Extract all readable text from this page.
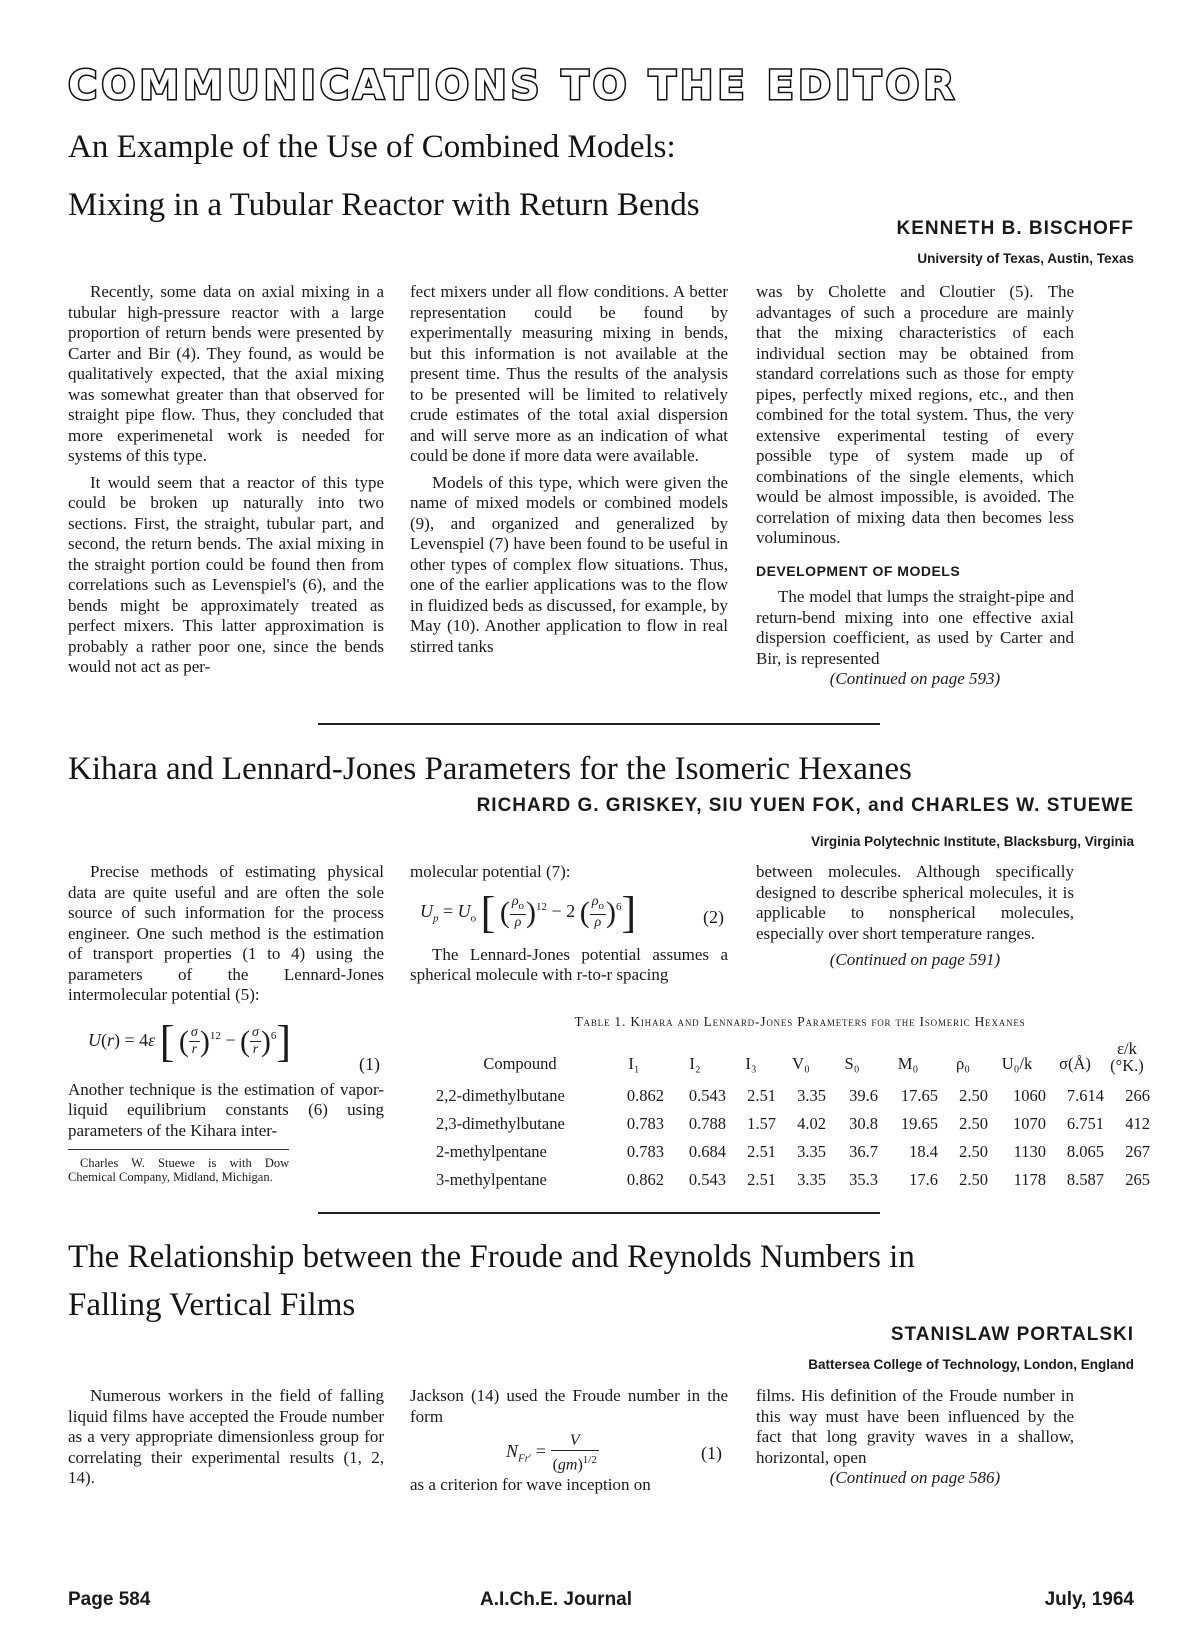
COMMUNICATIONS TO THE EDITOR
An Example of the Use of Combined Models:
Mixing in a Tubular Reactor with Return Bends
KENNETH B. BISCHOFF
University of Texas, Austin, Texas

Recently, some data on axial mixing in a tubular high-pressure reactor with a large proportion of return bends were presented by Carter and Bir (4). They found, as would be qualitatively expected, that the axial mixing was somewhat greater than that observed for straight pipe flow. Thus, they concluded that more experimenetal work is needed for systems of this type.

It would seem that a reactor of this type could be broken up naturally into two sections. First, the straight, tubular part, and second, the return bends. The axial mixing in the straight portion could be found then from correlations such as Levenspiel's (6), and the bends might be approximately treated as perfect mixers. This latter approximation is probably a rather poor one, since the bends would not act as per-

fect mixers under all flow conditions. A better representation could be found by experimentally measuring mixing in bends, but this information is not available at the present time. Thus the results of the analysis to be presented will be limited to relatively crude estimates of the total axial dispersion and will serve more as an indication of what could be done if more data were available.

Models of this type, which were given the name of mixed models or combined models (9), and organized and generalized by Levenspiel (7) have been found to be useful in other types of complex flow situations. Thus, one of the earlier applications was to the flow in fluidized beds as discussed, for example, by May (10). Another application to flow in real stirred tanks

was by Cholette and Cloutier (5). The advantages of such a procedure are mainly that the mixing characteristics of each individual section may be obtained from standard correlations such as those for empty pipes, perfectly mixed regions, etc., and then combined for the total system. Thus, the very extensive experimental testing of every possible type of system made up of combinations of the single elements, which would be almost impossible, is avoided. The correlation of mixing data then becomes less voluminous.

DEVELOPMENT OF MODELS

The model that lumps the straight-pipe and return-bend mixing into one effective axial dispersion coefficient, as used by Carter and Bir, is represented

(Continued on page 593)

Kihara and Lennard-Jones Parameters for the Isomeric Hexanes
RICHARD G. GRISKEY, SIU YUEN FOK, and CHARLES W. STUEWE
Virginia Polytechnic Institute, Blacksburg, Virginia

Precise methods of estimating physical data are quite useful and are often the sole source of such information for the process engineer. One such method is the estimation of transport properties (1 to 4) using the parameters of the Lennard-Jones intermolecular potential (5):

U(r) = 4ε [ ( $\frac{\sigma}{r} )^{12}$ − ( $\frac{\sigma}{r} )^6$]	(1)

Another technique is the estimation of vapor-liquid equilibrium constants (6) using parameters of the Kihara inter-

Charles W. Stuewe is with Dow Chemical Company, Midland, Michigan.

molecular potential (7):

$U_p = U_o$ [ ( $\frac{\rho_o}{\rho} )^{12} - 2$ ( $\frac{\rho_o}{\rho} )^6$]	(2)

The Lennard-Jones potential assumes a spherical molecule with r-to-r spacing

between molecules. Although specifically designed to describe spherical molecules, it is applicable to nonspherical molecules, especially over short temperature ranges.

(Continued on page 591)

Table 1. Kihara and Lennard-Jones Parameters for the Isomeric Hexanes
Compound	I₁	I₂	I₃	V₀	S₀	M₀	ρ₀	U₀/k	σ(Å)	ε/k (°K.)
2,2-dimethylbutane	0.862	0.543	2.51	3.35	39.6	17.65	2.50	1060	7.614	266
2,3-dimethylbutane	0.783	0.788	1.57	4.02	30.8	19.65	2.50	1070	6.751	412
2-methylpentane	0.783	0.684	2.51	3.35	36.7	18.4	2.50	1130	8.065	267
3-methylpentane	0.862	0.543	2.51	3.35	35.3	17.6	2.50	1178	8.587	265
The Relationship between the Froude and Reynolds Numbers in
Falling Vertical Films
STANISLAW PORTALSKI
Battersea College of Technology, London, England

Numerous workers in the field of falling liquid films have accepted the Froude number as a very appropriate dimensionless group for correlating their experimental results (1, 2, 14).

Jackson (14) used the Froude number in the form

$N_{Fr'} = \frac{V}{(gm)^{1/2}}$	(1)

as a criterion for wave inception on

films. His definition of the Froude number in this way must have been influenced by the fact that long gravity waves in a shallow, horizontal, open

(Continued on page 586)

Page 584	A.I.Ch.E. Journal	July, 1964
